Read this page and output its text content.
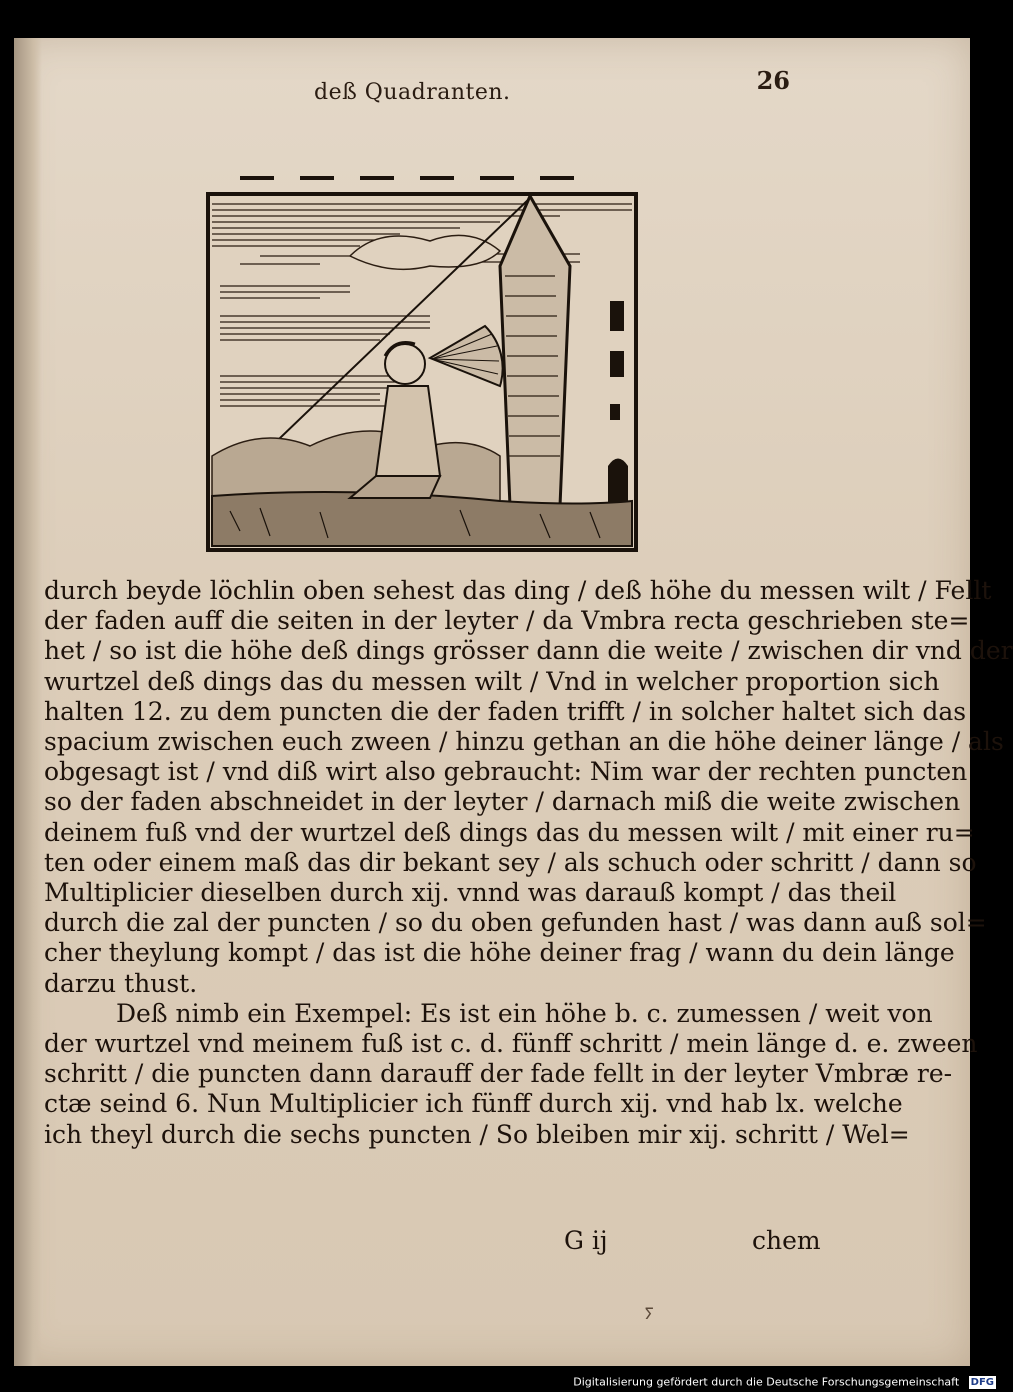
deß Quadranten.	26
durch beyde löchlin oben sehest das ding / deß höhe du messen wilt / Fellt
der faden auff die seiten in der leyter / da Vmbra recta geschrieben ste=
het / so ist die höhe deß dings grösser dann die weite / zwischen dir vnd der
wurtzel deß dings das du messen wilt / Vnd in welcher proportion sich
halten 12. zu dem puncten die der faden trifft / in solcher haltet sich das
spacium zwischen euch zween / hinzu gethan an die höhe deiner länge / als
obgesagt ist / vnd diß wirt also gebraucht: Nim war der rechten puncten
so der faden abschneidet in der leyter / darnach miß die weite zwischen
deinem fuß vnd der wurtzel deß dings das du messen wilt / mit einer ru=
ten oder einem maß das dir bekant sey / als schuch oder schritt / dann so
Multiplicier dieselben durch xij. vnnd was darauß kompt / das theil
durch die zal der puncten / so du oben gefunden hast / was dann auß sol=
cher theylung kompt / das ist die höhe deiner frag / wann du dein länge
darzu thust.
Deß nimb ein Exempel: Es ist ein höhe b. c. zumessen / weit von
der wurtzel vnd meinem fuß ist c. d. fünff schritt / mein länge d. e. zween
schritt / die puncten dann darauff der fade fellt in der leyter Vmbræ re-
ctæ seind 6. Nun Multiplicier ich fünff durch xij. vnd hab lx. welche
ich theyl durch die sechs puncten / So bleiben mir xij. schritt / Wel=
G ij	chem
ⵢ
Digitalisierung gefördert durch die Deutsche Forschungsgemeinschaft DFG
